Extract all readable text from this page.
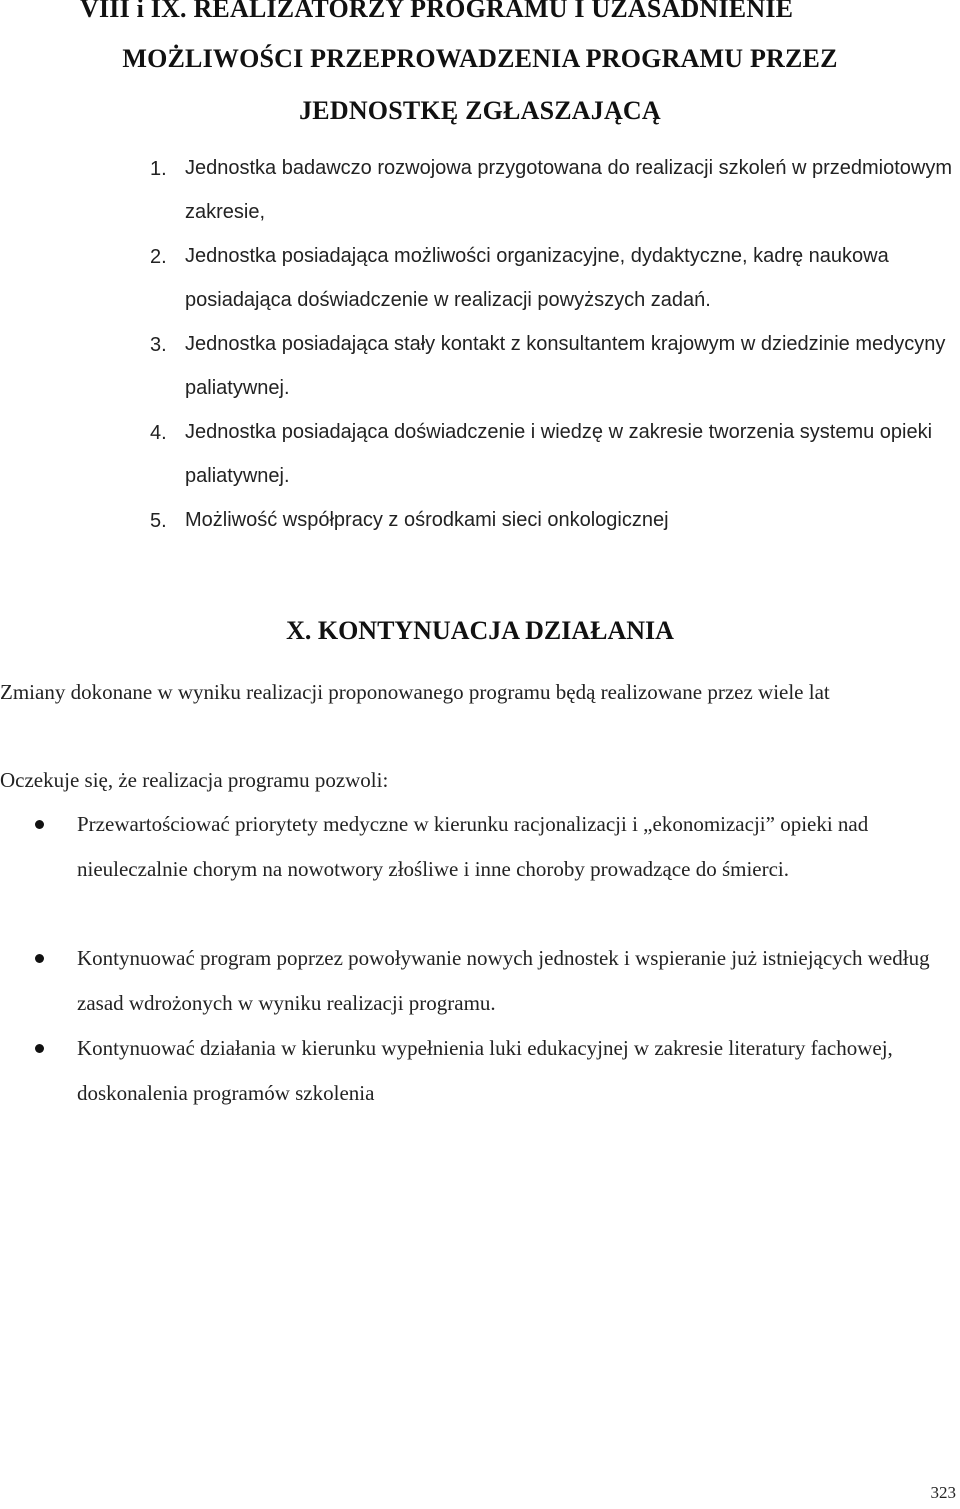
VIII i IX. REALIZATORZY PROGRAMU I UZASADNIENIE
MOŻLIWOŚCI PRZEPROWADZENIA PROGRAMU PRZEZ
JEDNOSTKĘ ZGŁASZAJĄCĄ
1. Jednostka badawczo rozwojowa przygotowana do realizacji szkoleń w przedmiotowym zakresie,
2. Jednostka posiadająca możliwości organizacyjne, dydaktyczne, kadrę naukowa posiadająca doświadczenie w realizacji powyższych zadań.
3. Jednostka posiadająca stały kontakt z konsultantem krajowym w dziedzinie medycyny paliatywnej.
4. Jednostka posiadająca doświadczenie i wiedzę w zakresie tworzenia systemu opieki paliatywnej.
5. Możliwość współpracy z ośrodkami sieci onkologicznej
X. KONTYNUACJA DZIAŁANIA
Zmiany dokonane w wyniku realizacji proponowanego programu będą realizowane przez wiele lat
Oczekuje się, że realizacja programu pozwoli:
Przewartościować priorytety medyczne w kierunku racjonalizacji i „ekonomizacji” opieki nad nieuleczalnie chorym na nowotwory złośliwe i inne choroby prowadzące do śmierci.
Kontynuować program poprzez powoływanie nowych jednostek i wspieranie już istniejących według zasad wdrożonych w wyniku realizacji programu.
Kontynuować działania w kierunku wypełnienia luki edukacyjnej w zakresie literatury fachowej, doskonalenia programów szkolenia
323
